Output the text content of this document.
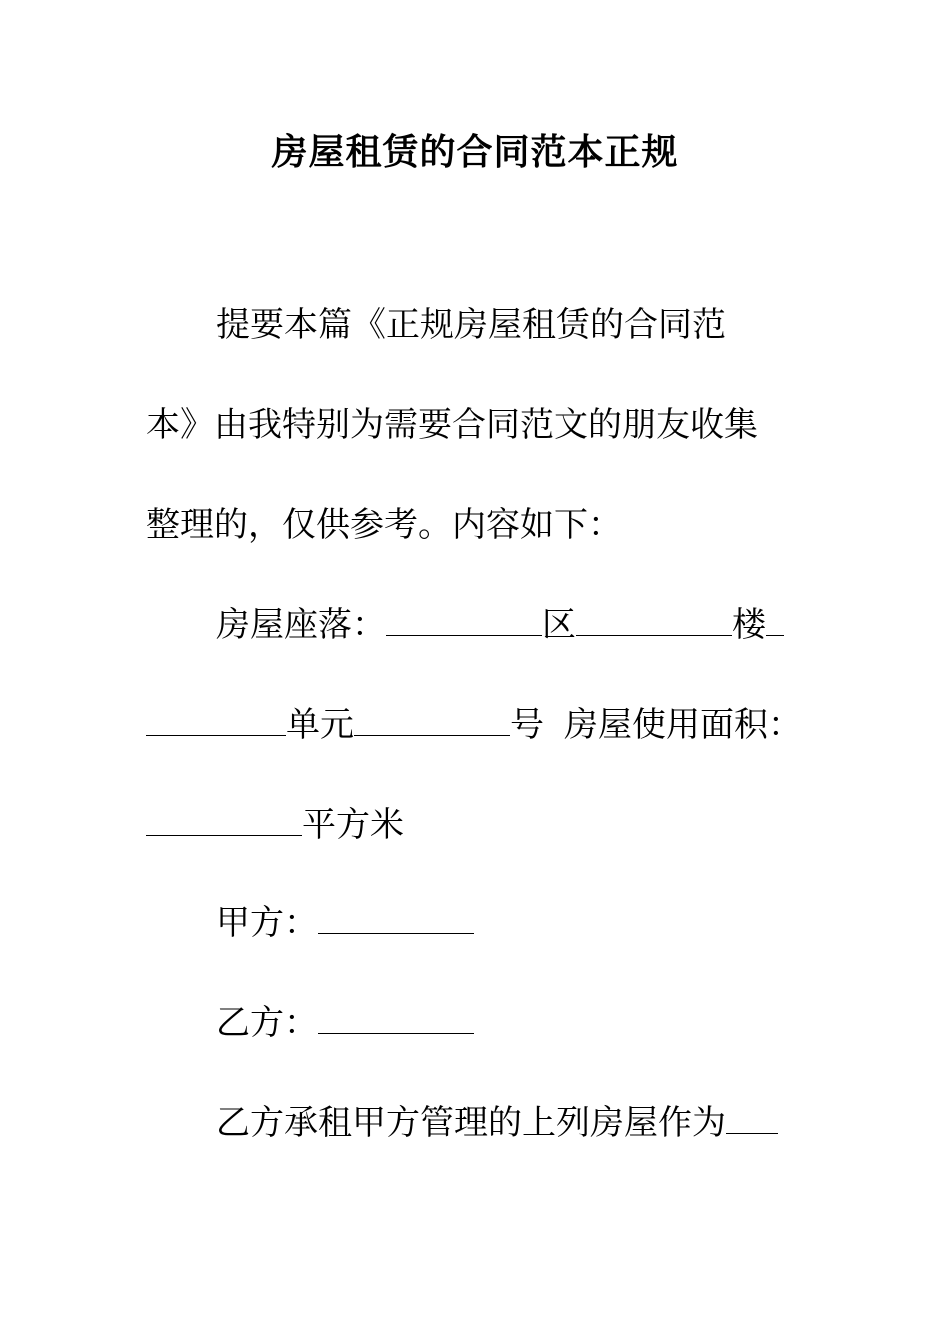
房屋租赁的合同范本正规
提要本篇《正规房屋租赁的合同范
本》由我特别为需要合同范文的朋友收集
整理的，仅供参考。内容如下：
房屋座落：	区	楼
单元	号 房屋使用面积：
平方米
甲方：
乙方：
乙方承租甲方管理的上列房屋作为
